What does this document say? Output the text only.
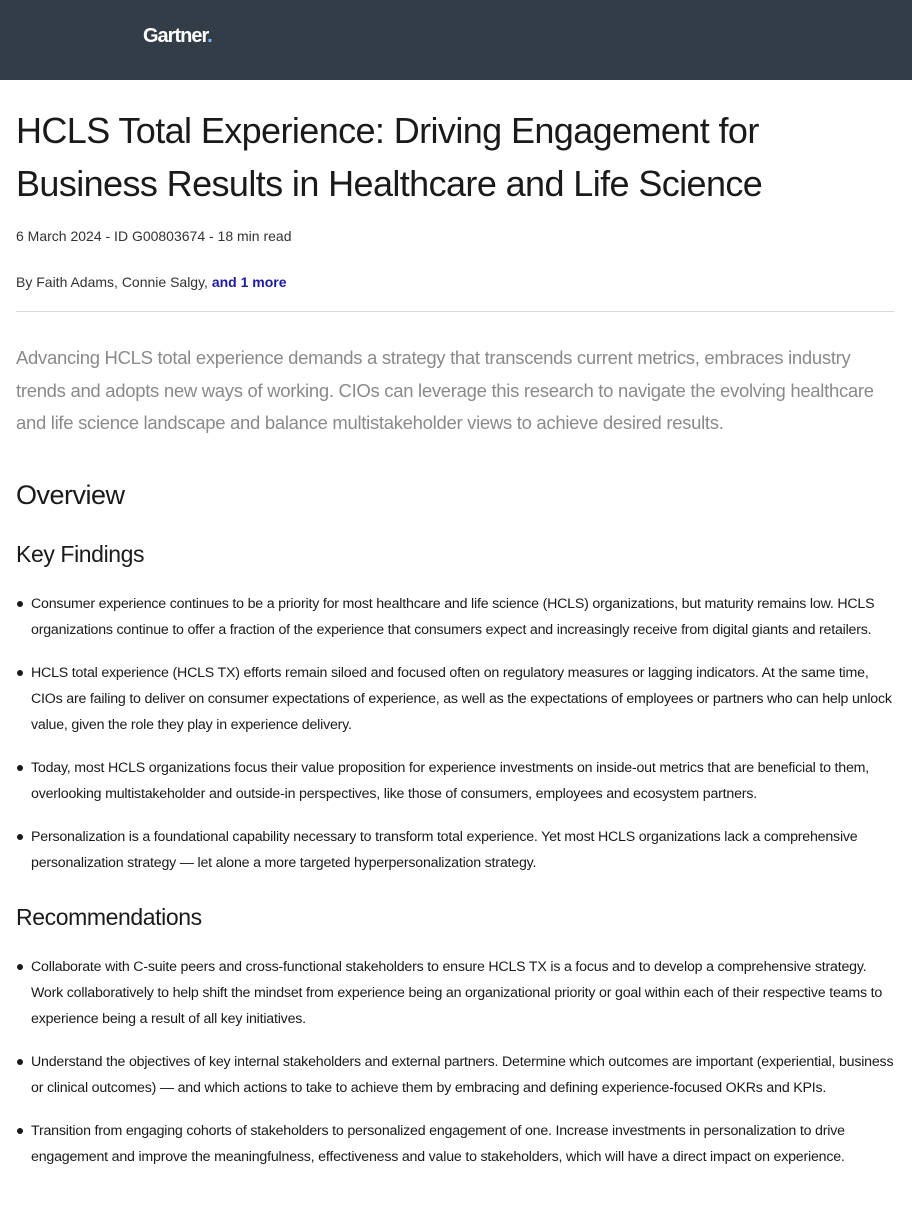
Gartner.
HCLS Total Experience: Driving Engagement for Business Results in Healthcare and Life Science
6 March 2024 - ID G00803674 - 18 min read
By Faith Adams, Connie Salgy, and 1 more
Advancing HCLS total experience demands a strategy that transcends current metrics, embraces industry trends and adopts new ways of working. CIOs can leverage this research to navigate the evolving healthcare and life science landscape and balance multistakeholder views to achieve desired results.
Overview
Key Findings
Consumer experience continues to be a priority for most healthcare and life science (HCLS) organizations, but maturity remains low. HCLS organizations continue to offer a fraction of the experience that consumers expect and increasingly receive from digital giants and retailers.
HCLS total experience (HCLS TX) efforts remain siloed and focused often on regulatory measures or lagging indicators. At the same time, CIOs are failing to deliver on consumer expectations of experience, as well as the expectations of employees or partners who can help unlock value, given the role they play in experience delivery.
Today, most HCLS organizations focus their value proposition for experience investments on inside-out metrics that are beneficial to them, overlooking multistakeholder and outside-in perspectives, like those of consumers, employees and ecosystem partners.
Personalization is a foundational capability necessary to transform total experience. Yet most HCLS organizations lack a comprehensive personalization strategy — let alone a more targeted hyperpersonalization strategy.
Recommendations
Collaborate with C-suite peers and cross-functional stakeholders to ensure HCLS TX is a focus and to develop a comprehensive strategy. Work collaboratively to help shift the mindset from experience being an organizational priority or goal within each of their respective teams to experience being a result of all key initiatives.
Understand the objectives of key internal stakeholders and external partners. Determine which outcomes are important (experiential, business or clinical outcomes) — and which actions to take to achieve them by embracing and defining experience-focused OKRs and KPIs.
Transition from engaging cohorts of stakeholders to personalized engagement of one. Increase investments in personalization to drive engagement and improve the meaningfulness, effectiveness and value to stakeholders, which will have a direct impact on experience.
